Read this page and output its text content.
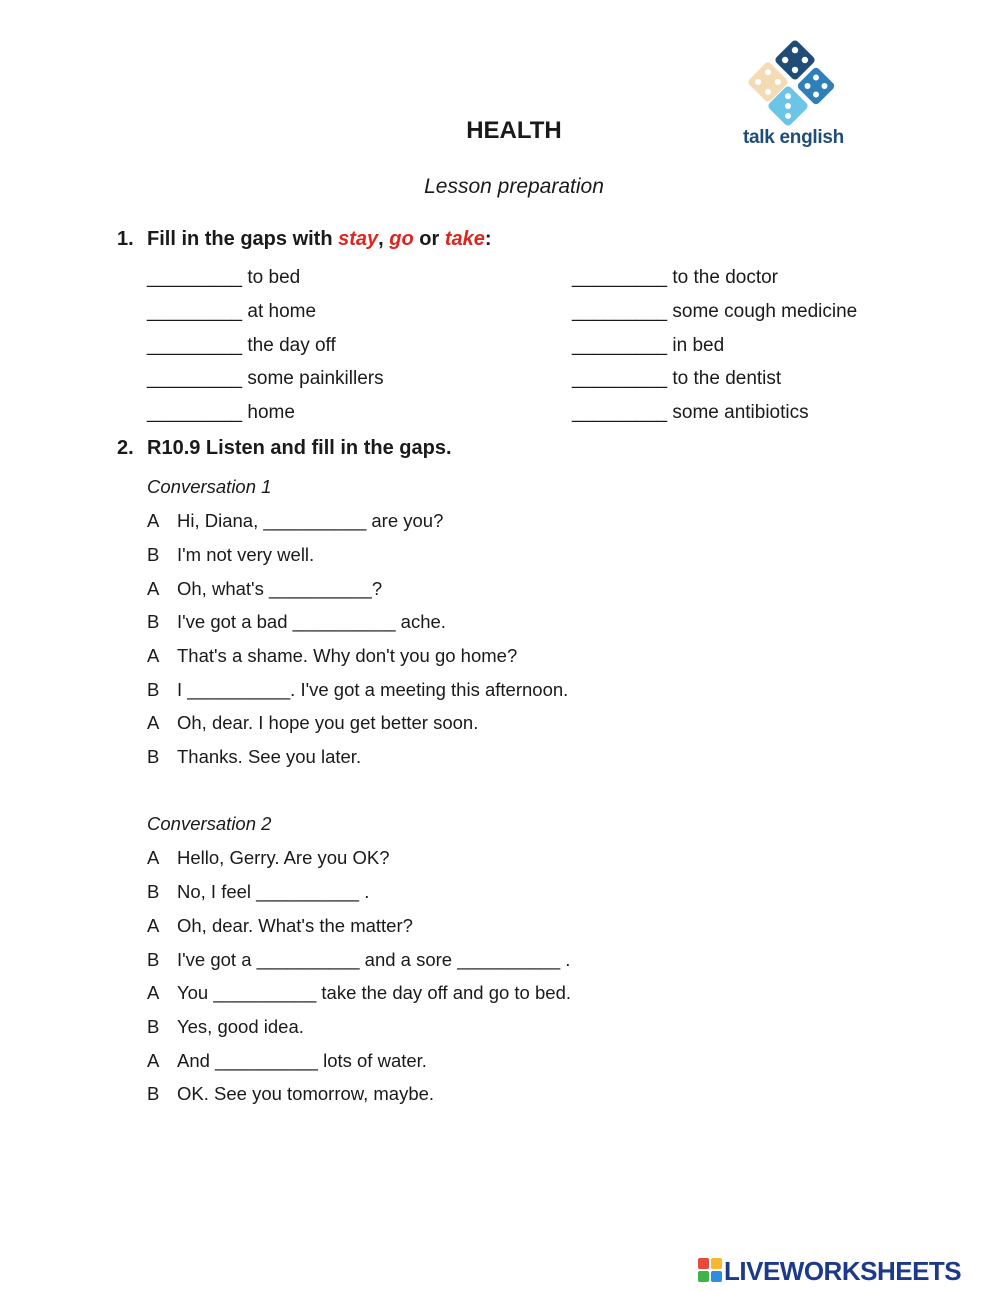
talk english
HEALTH
Lesson preparation
1. Fill in the gaps with stay, go or take:
_________ to bed
_________ at home
_________ the day off
_________ some painkillers
_________ home
_________ to the doctor
_________ some cough medicine
_________ in bed
_________ to the dentist
_________ some antibiotics
2. R10.9 Listen and fill in the gaps.
Conversation 1
A Hi, Diana, __________ are you?
B I'm not very well.
A Oh, what's __________?
B I've got a bad __________ ache.
A That's a shame. Why don't you go home?
B I __________. I've got a meeting this afternoon.
A Oh, dear. I hope you get better soon.
B Thanks. See you later.
Conversation 2
A Hello, Gerry. Are you OK?
B No, I feel __________ .
A Oh, dear. What's the matter?
B I've got a __________ and a sore __________ .
A You __________ take the day off and go to bed.
B Yes, good idea.
A And __________ lots of water.
B OK. See you tomorrow, maybe.
LIVEWORKSHEETS
